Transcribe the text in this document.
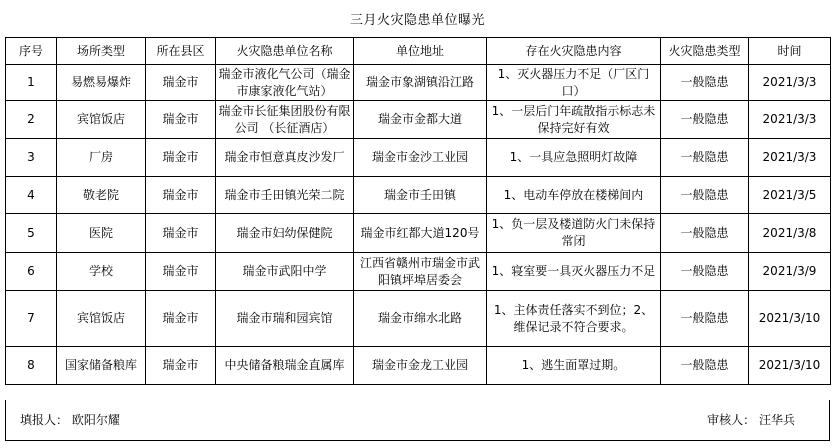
三月火灾隐患单位曝光
序号	场所类型	所在县区	火灾隐患单位名称	单位地址	存在火灾隐患内容	火灾隐患类型	时间
1	易燃易爆炸	瑞金市	瑞金市液化气公司（瑞金市康家液化气站）	瑞金市象湖镇沿江路	1、灭火器压力不足（厂区门口）	一般隐患	2021/3/3
2	宾馆饭店	瑞金市	瑞金市长征集团股份有限公司 （长征酒店）	瑞金市金都大道	1、一层后门年疏散指示标志未保持完好有效	一般隐患	2021/3/3
3	厂房	瑞金市	瑞金市恒意真皮沙发厂	瑞金市金沙工业园	1、一具应急照明灯故障	一般隐患	2021/3/3
4	敬老院	瑞金市	瑞金市壬田镇光荣二院	瑞金市壬田镇	1、电动车停放在楼梯间内	一般隐患	2021/3/5
5	医院	瑞金市	瑞金市妇幼保健院	瑞金市红都大道120号	1、负一层及楼道防火门未保持常闭	一般隐患	2021/3/8
6	学校	瑞金市	瑞金市武阳中学	江西省赣州市瑞金市武阳镇坪埠居委会	1、寝室要一具灭火器压力不足	一般隐患	2021/3/9
7	宾馆饭店	瑞金市	瑞金市瑞和园宾馆	瑞金市绵水北路	1、主体责任落实不到位；2、维保记录不符合要求。	一般隐患	2021/3/10
8	国家储备粮库	瑞金市	中央储备粮瑞金直属库	瑞金市金龙工业园	1、逃生面罩过期。	一般隐患	2021/3/10
填报人： 欧阳尔耀	审核人： 汪华兵
